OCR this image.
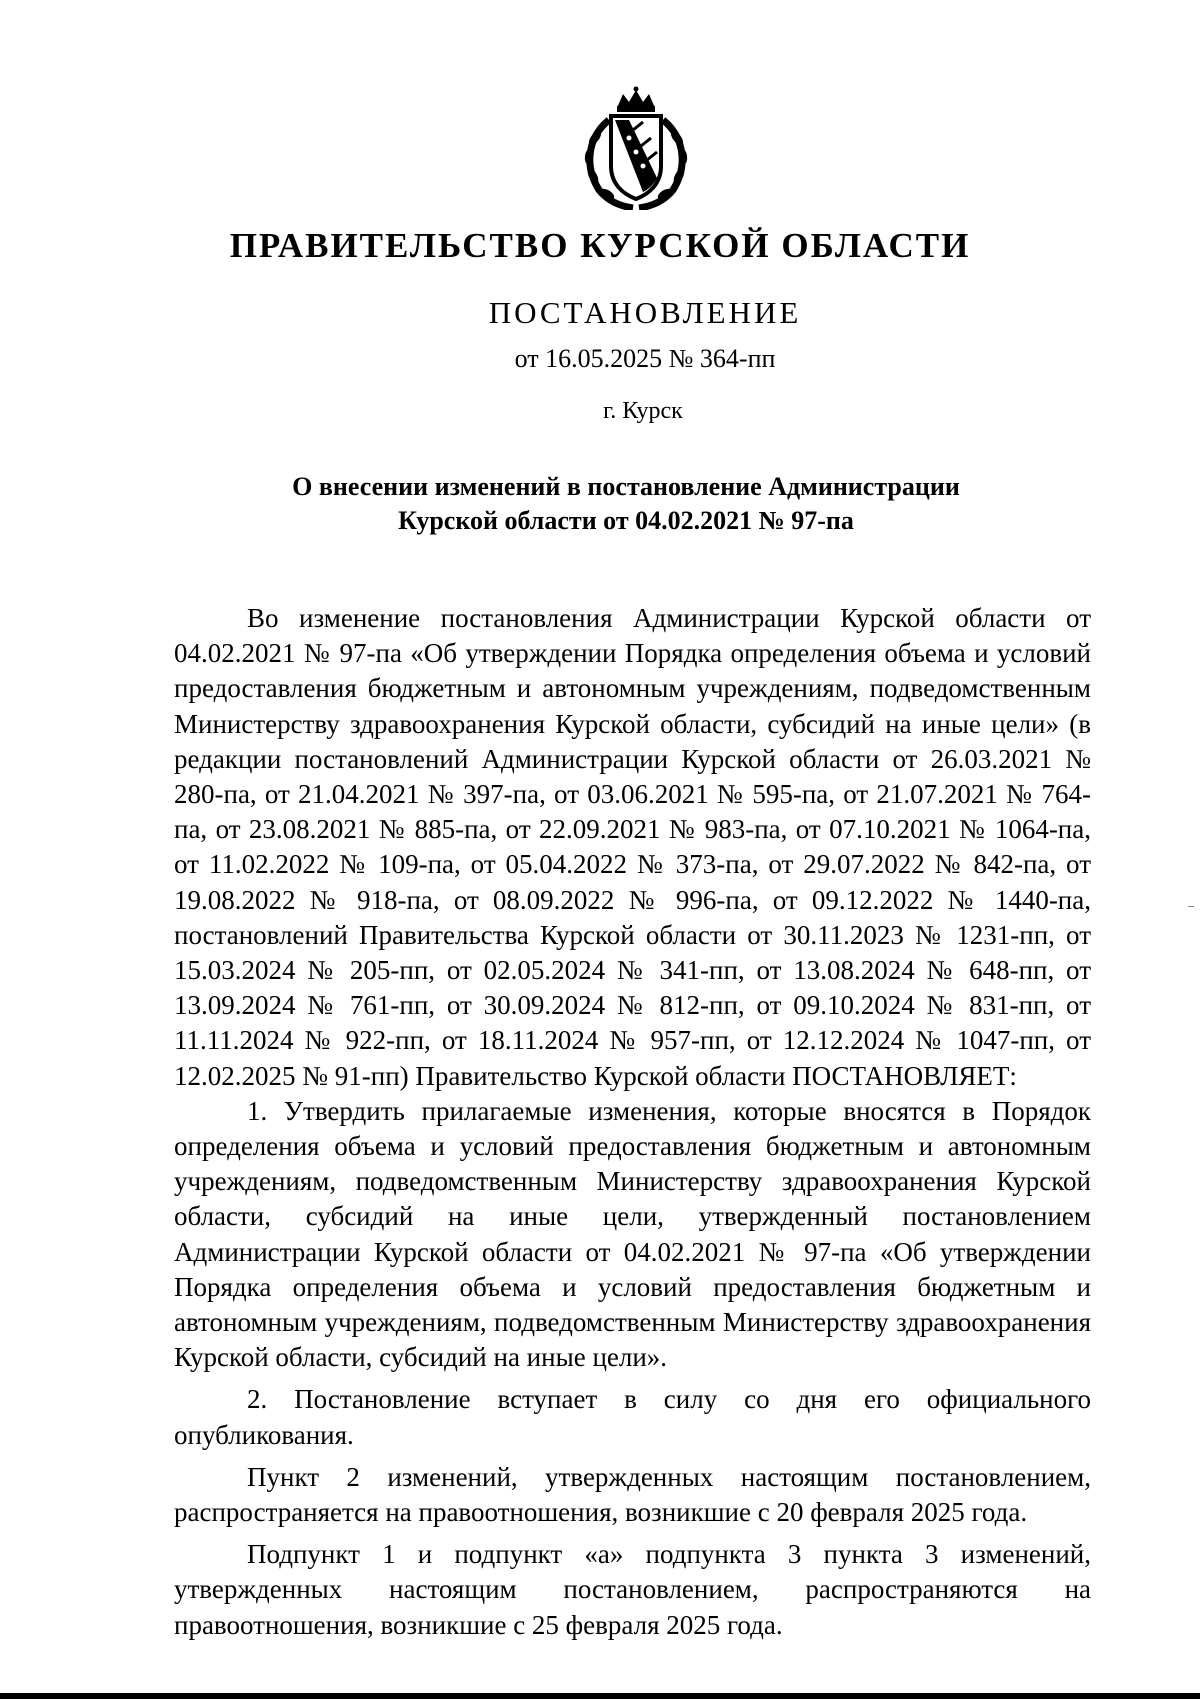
ПРАВИТЕЛЬСТВО КУРСКОЙ ОБЛАСТИ
ПОСТАНОВЛЕНИЕ
от 16.05.2025 № 364-пп
г. Курск
О внесении изменений в постановление Администрации
Курской области от 04.02.2021 № 97-па

Во изменение постановления Администрации Курской области от 04.02.2021 № 97-па «Об утверждении Порядка определения объема и условий предоставления бюджетным и автономным учреждениям, подведомственным Министерству здравоохранения Курской области, субсидий на иные цели» (в редакции постановлений Администрации Курской области от 26.03.2021 № 280-па, от 21.04.2021 № 397-па, от 03.06.2021 № 595-па, от 21.07.2021 № 764-па, от 23.08.2021 № 885-па, от 22.09.2021 № 983-па, от 07.10.2021 № 1064-па, от 11.02.2022 № 109-па, от 05.04.2022 № 373-па, от 29.07.2022 № 842-па, от 19.08.2022 № 918-па, от 08.09.2022 № 996-па, от 09.12.2022 № 1440-па, постановлений Правительства Курской области от 30.11.2023 № 1231-пп, от 15.03.2024 № 205-пп, от 02.05.2024 № 341-пп, от 13.08.2024 № 648-пп, от 13.09.2024 № 761-пп, от 30.09.2024 № 812-пп, от 09.10.2024 № 831-пп, от 11.11.2024 № 922-пп, от 18.11.2024 № 957-пп, от 12.12.2024 № 1047-пп, от 12.02.2025 № 91-пп) Правительство Курской области ПОСТАНОВЛЯЕТ:

1. Утвердить прилагаемые изменения, которые вносятся в Порядок определения объема и условий предоставления бюджетным и автономным учреждениям, подведомственным Министерству здравоохранения Курской области, субсидий на иные цели, утвержденный постановлением Администрации Курской области от 04.02.2021 № 97-па «Об утверждении Порядка определения объема и условий предоставления бюджетным и автономным учреждениям, подведомственным Министерству здравоохранения Курской области, субсидий на иные цели».

2. Постановление вступает в силу со дня его официального опубликования.

Пункт 2 изменений, утвержденных настоящим постановлением, распространяется на правоотношения, возникшие с 20 февраля 2025 года.

Подпункт 1 и подпункт «а» подпункта 3 пункта 3 изменений, утвержденных настоящим постановлением, распространяются на правоотношения, возникшие с 25 февраля 2025 года.
